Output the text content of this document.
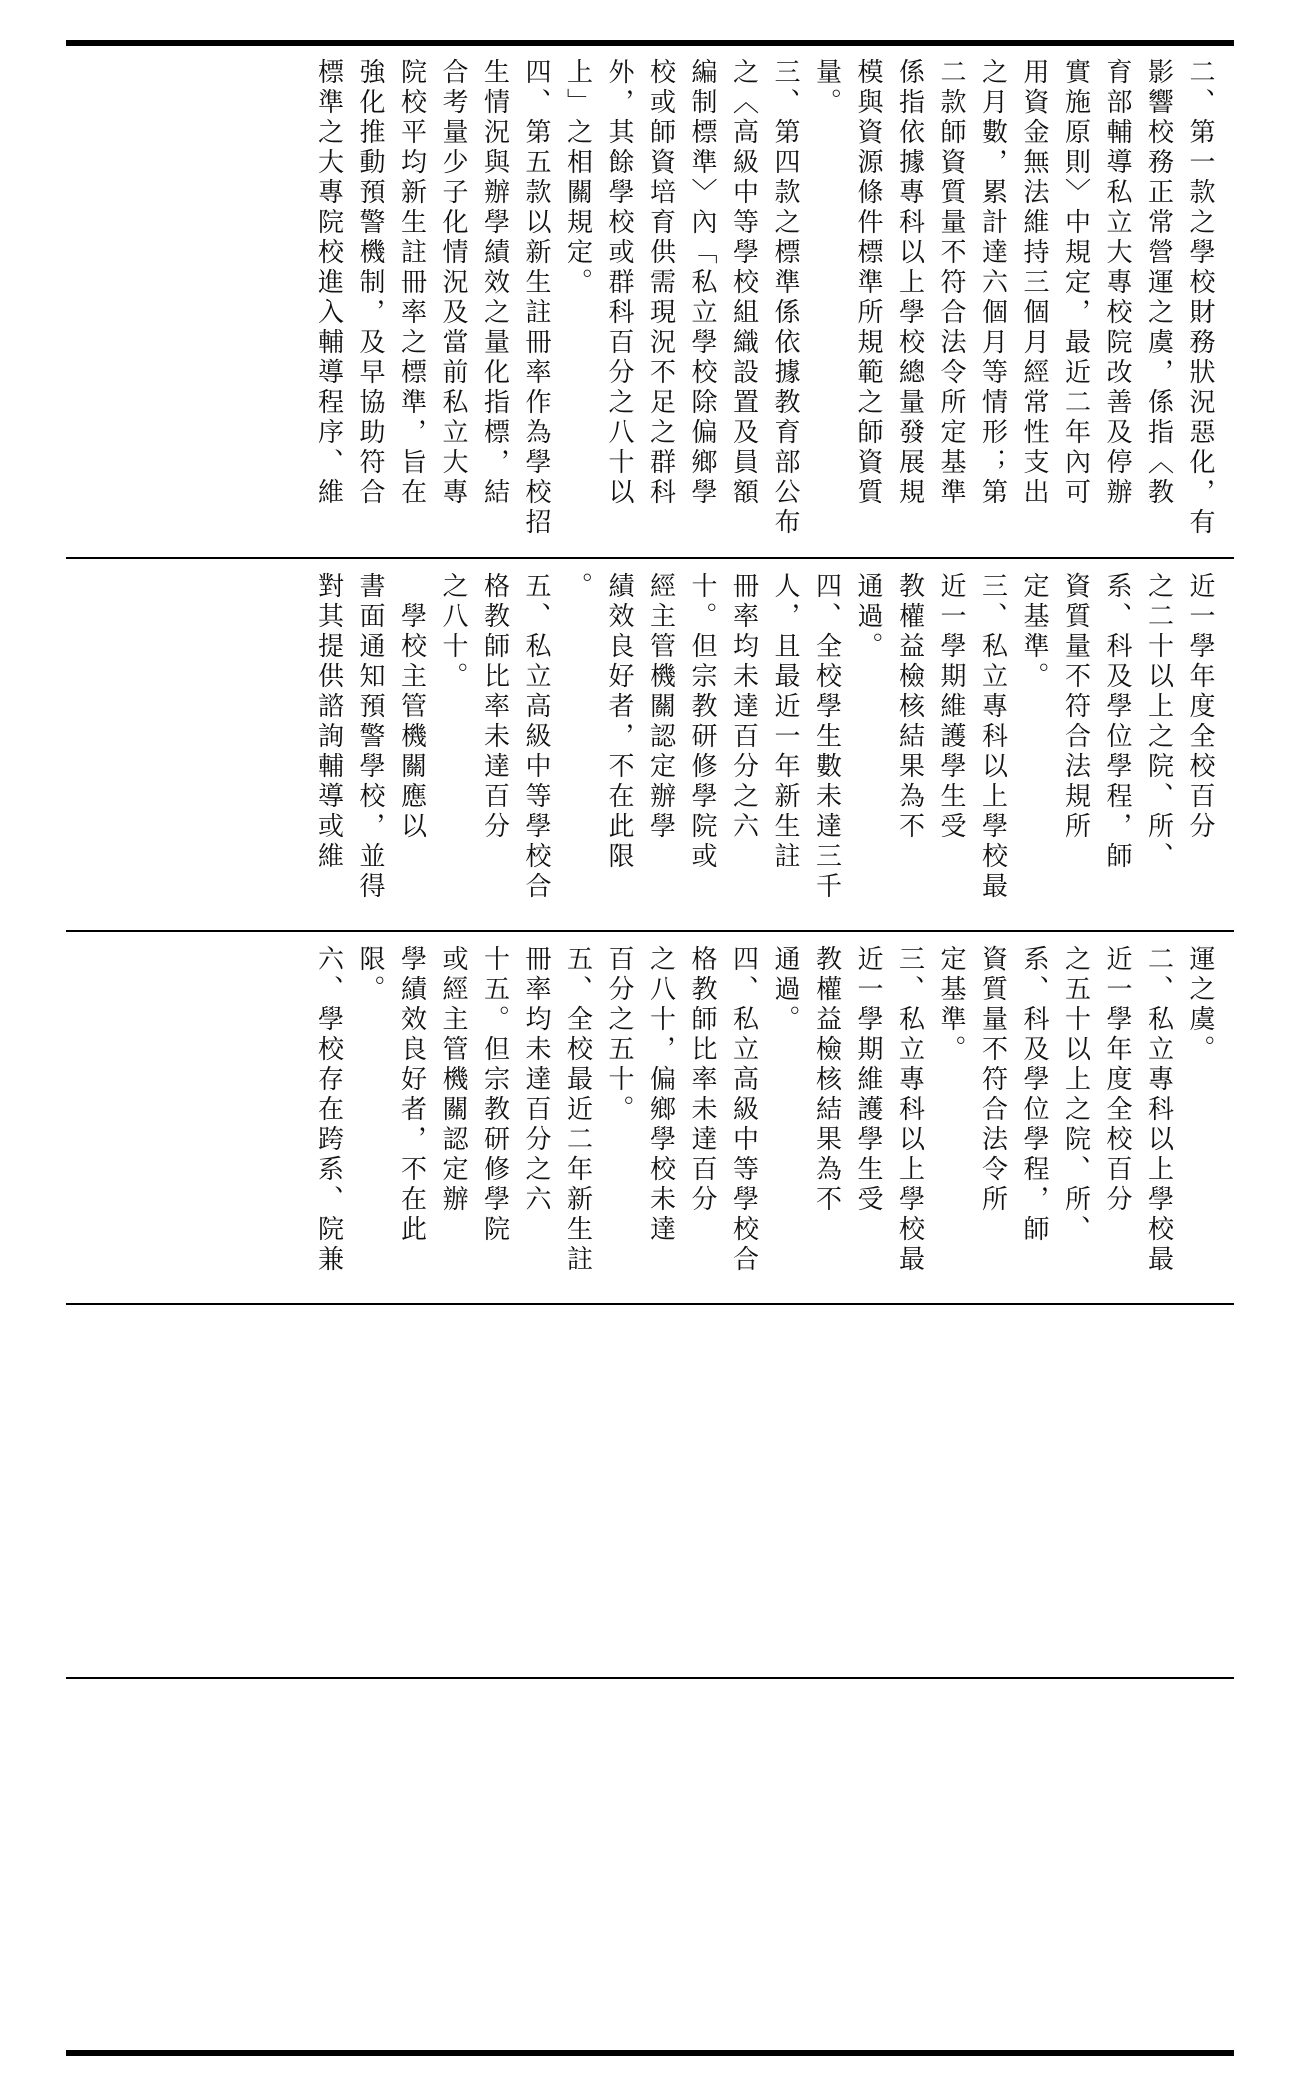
二、第一款之學校財務狀況惡化，有

影響校務正常營運之虞，係指〈教

育部輔導私立大專校院改善及停辦

實施原則〉中規定，最近二年內可

用資金無法維持三個月經常性支出

之月數，累計達六個月等情形；第

二款師資質量不符合法令所定基準

係指依據專科以上學校總量發展規

模與資源條件標準所規範之師資質

量。

三、第四款之標準係依據教育部公布

之〈高級中等學校組織設置及員額

編制標準〉內「私立學校除偏鄉學

校或師資培育供需現況不足之群科

外，其餘學校或群科百分之八十以

上」之相關規定。

四、第五款以新生註冊率作為學校招

生情況與辦學績效之量化指標，結

合考量少子化情況及當前私立大專

院校平均新生註冊率之標準，旨在

強化推動預警機制，及早協助符合

標準之大專院校進入輔導程序、維

近一學年度全校百分

之二十以上之院、所、

系、科及學位學程，師

資質量不符合法規所

定基準。

三、私立專科以上學校最

近一學期維護學生受

教權益檢核結果為不

通過。

四、全校學生數未達三千

人，且最近一年新生註

冊率均未達百分之六

十。但宗教研修學院或

經主管機關認定辦學

績效良好者，不在此限

。

五、私立高級中等學校合

格教師比率未達百分

之八十。

　學校主管機關應以

書面通知預警學校，並得

對其提供諮詢輔導或維

運之虞。

二、私立專科以上學校最

近一學年度全校百分

之五十以上之院、所、

系、科及學位學程，師

資質量不符合法令所

定基準。

三、私立專科以上學校最

近一學期維護學生受

教權益檢核結果為不

通過。

四、私立高級中等學校合

格教師比率未達百分

之八十，偏鄉學校未達

百分之五十。

五、全校最近二年新生註

冊率均未達百分之六

十五。但宗教研修學院

或經主管機關認定辦

學績效良好者，不在此

限。

六、學校存在跨系、院兼
